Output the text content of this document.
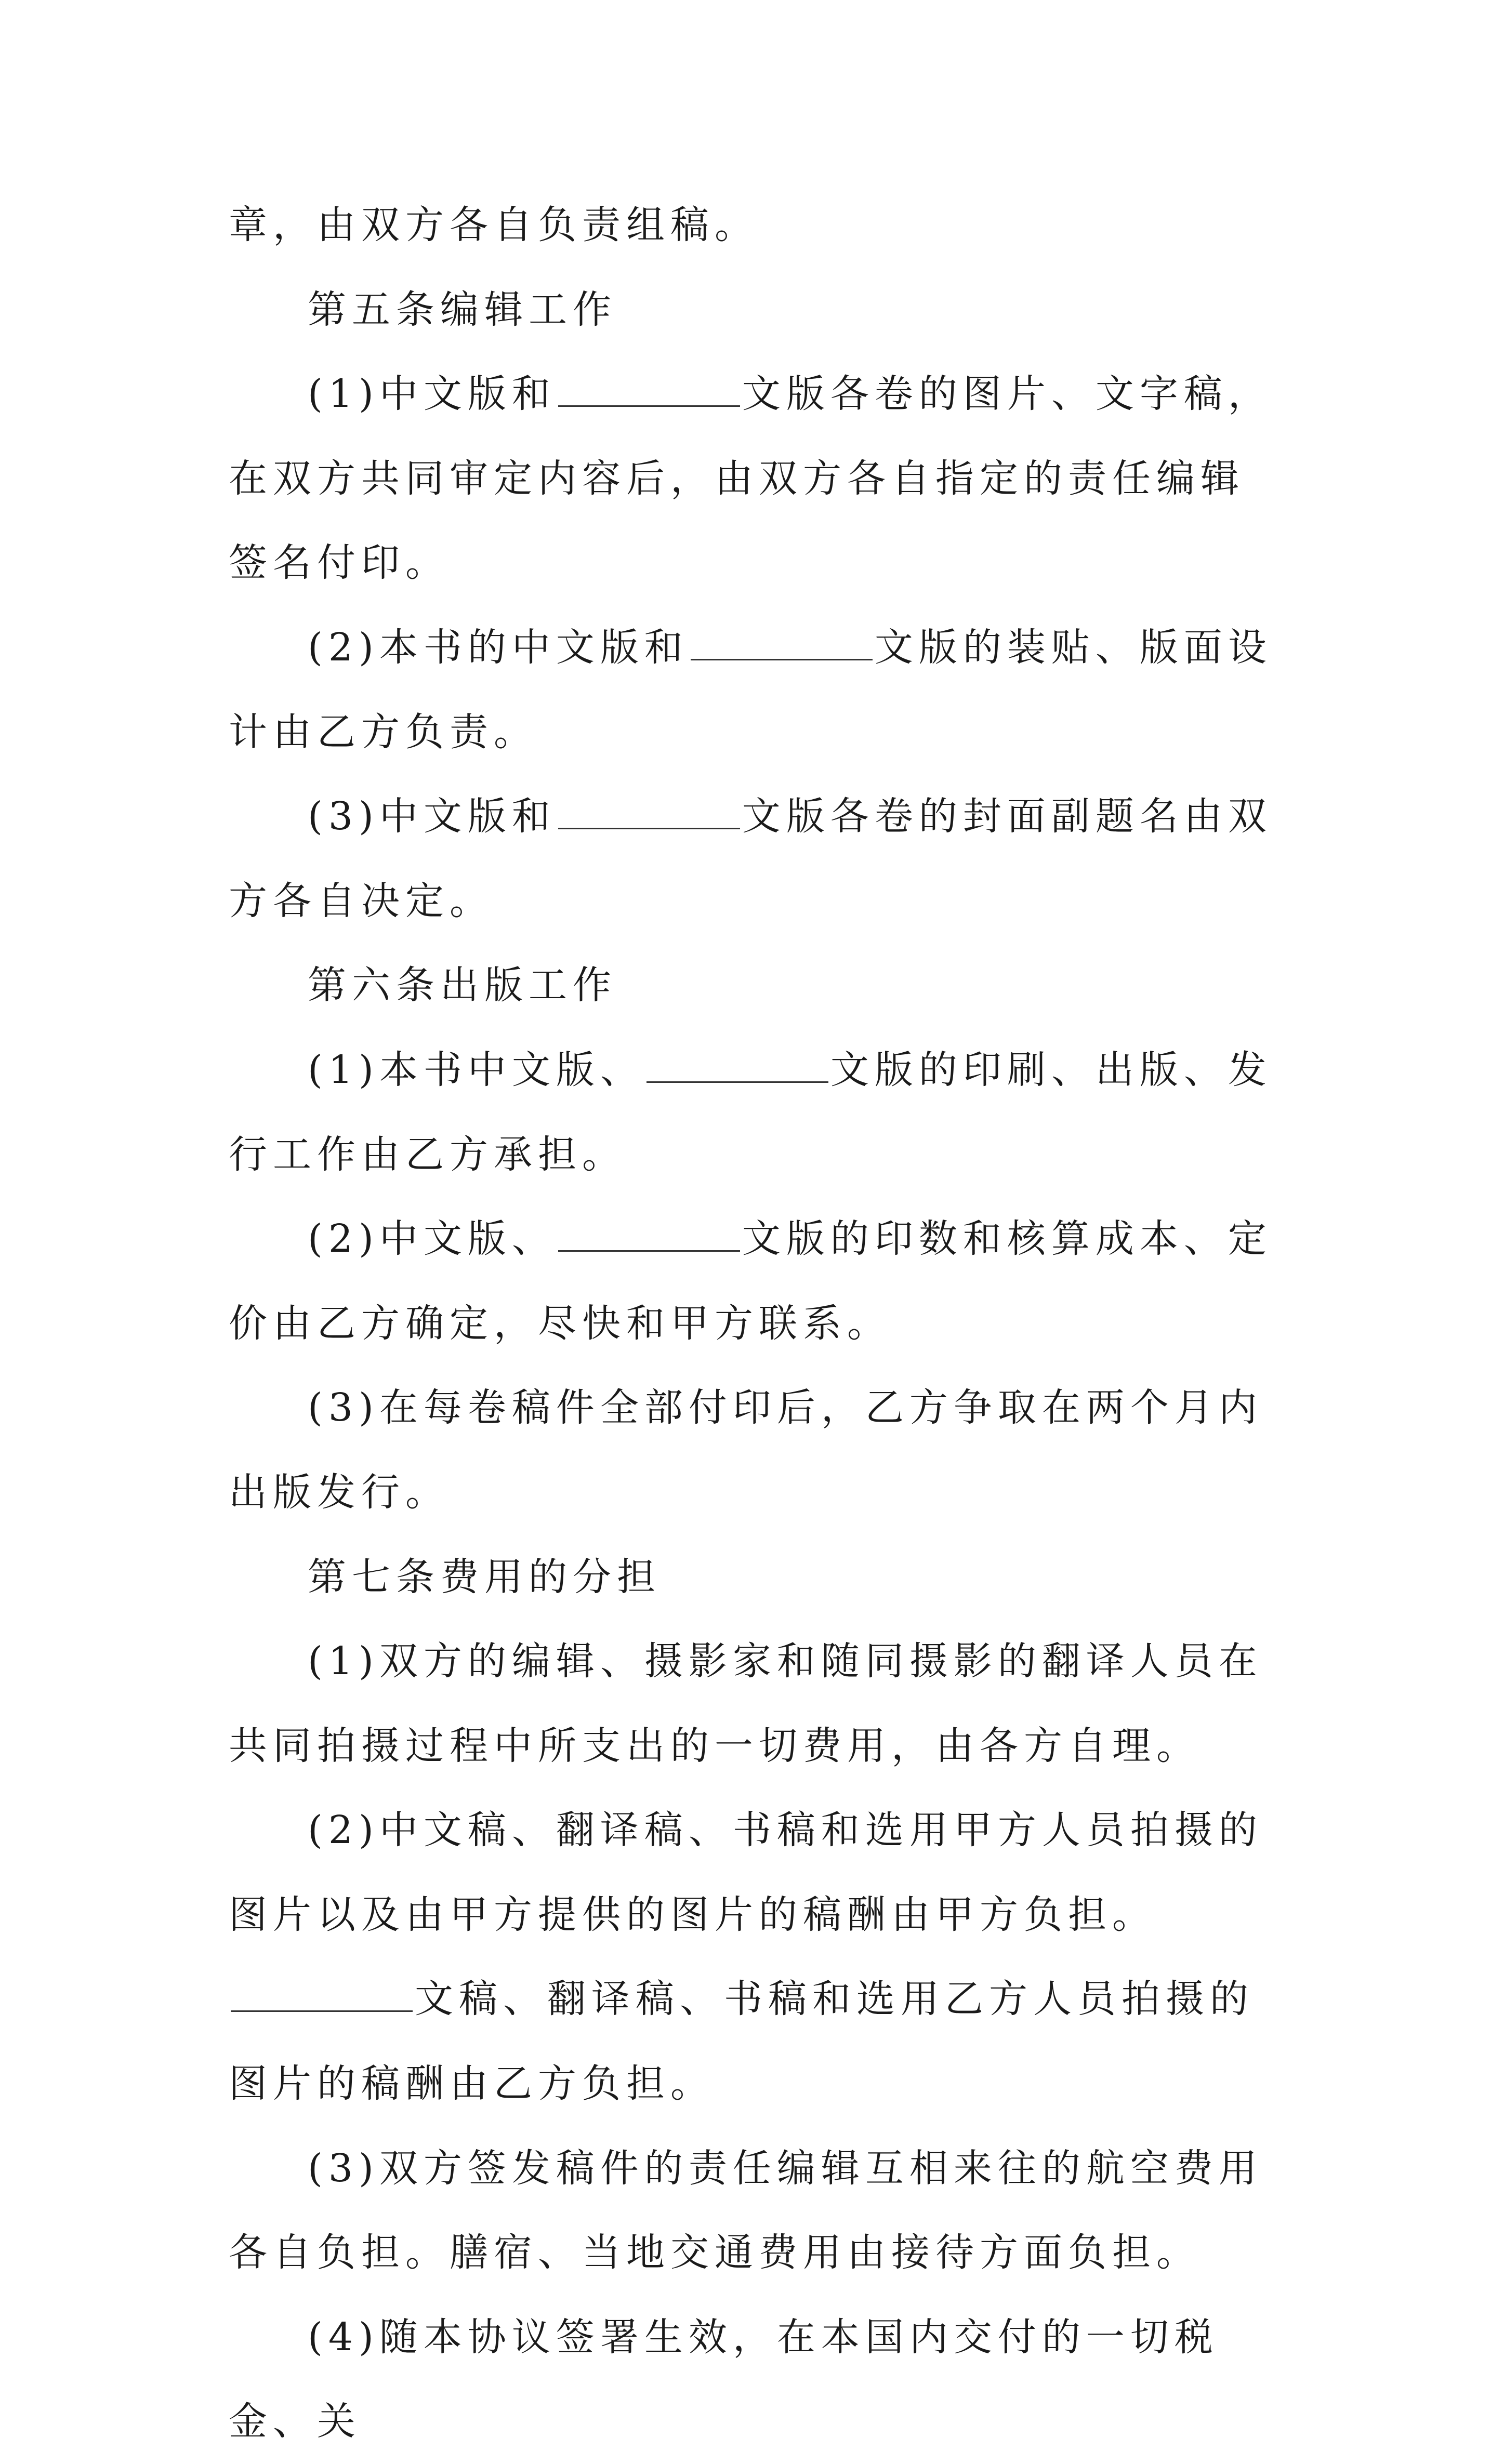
章，由双方各自负责组稿。

第五条编辑工作

(1)中文版和	文版各卷的图片、文字稿，在双方共同审定内容后，由双方各自指定的责任编辑签名付印。

(2)本书的中文版和	文版的装贴、版面设计由乙方负责。

(3)中文版和	文版各卷的封面副题名由双方各自决定。

第六条出版工作

(1)本书中文版、	文版的印刷、出版、发行工作由乙方承担。

(2)中文版、	文版的印数和核算成本、定价由乙方确定，尽快和甲方联系。

(3)在每卷稿件全部付印后，乙方争取在两个月内出版发行。

第七条费用的分担

(1)双方的编辑、摄影家和随同摄影的翻译人员在共同拍摄过程中所支出的一切费用，由各方自理。

(2)中文稿、翻译稿、书稿和选用甲方人员拍摄的图片以及由甲方提供的图片的稿酬由甲方负担。文稿、翻译稿、书稿和选用乙方人员拍摄的图片的稿酬由乙方负担。

(3)双方签发稿件的责任编辑互相来往的航空费用各自负担。膳宿、当地交通费用由接待方面负担。

(4)随本协议签署生效，在本国内交付的一切税金、关
